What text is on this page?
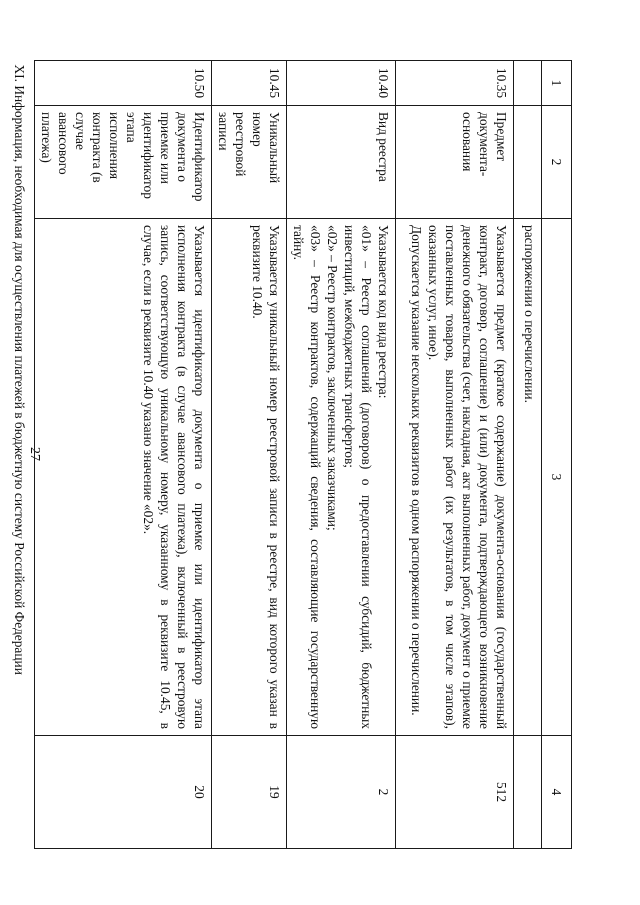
27
1	2	3	4
		распоряжении о перечислении.	
10.35	Предмет документа-основания	Указывается предмет (краткое содержание) документа-основания (государственный контракт, договор, соглашение) и (или) документа, подтверждающего возникновение денежного обязательства (счет, накладная, акт выполненных работ, документ о приемке поставленных товаров, выполненных работ (их результатов, в том числе этапов), оказанных услуг, иное).
Допускается указание нескольких реквизитов в одном распоряжении о перечислении.	512
10.40	Вид реестра	Указывается код вида реестра:
«01» – Реестр соглашений (договоров) о предоставлении субсидий, бюджетных инвестиций, межбюджетных трансфертов;
«02» – Реестр контрактов, заключенных заказчиками;
«03» – Реестр контрактов, содержащий сведения, составляющие государственную тайну.	2
10.45	Уникальный номер реестровой записи	Указывается уникальный номер реестровой записи в реестре, вид которого указан в реквизите 10.40.	19
10.50	Идентификатор документа о приемке или идентификатор этапа исполнения контракта (в случае авансового платежа)	Указывается идентификатор документа о приемке или идентификатор этапа исполнения контракта (в случае авансового платежа), включенный в реестровую запись, соответствующую уникальному номеру, указанному в реквизите 10.45, в случае, если в реквизите 10.40 указано значение «02».	20
XI. Информация, необходимая для осуществления платежей в бюджетную систему Российской Федерации			
